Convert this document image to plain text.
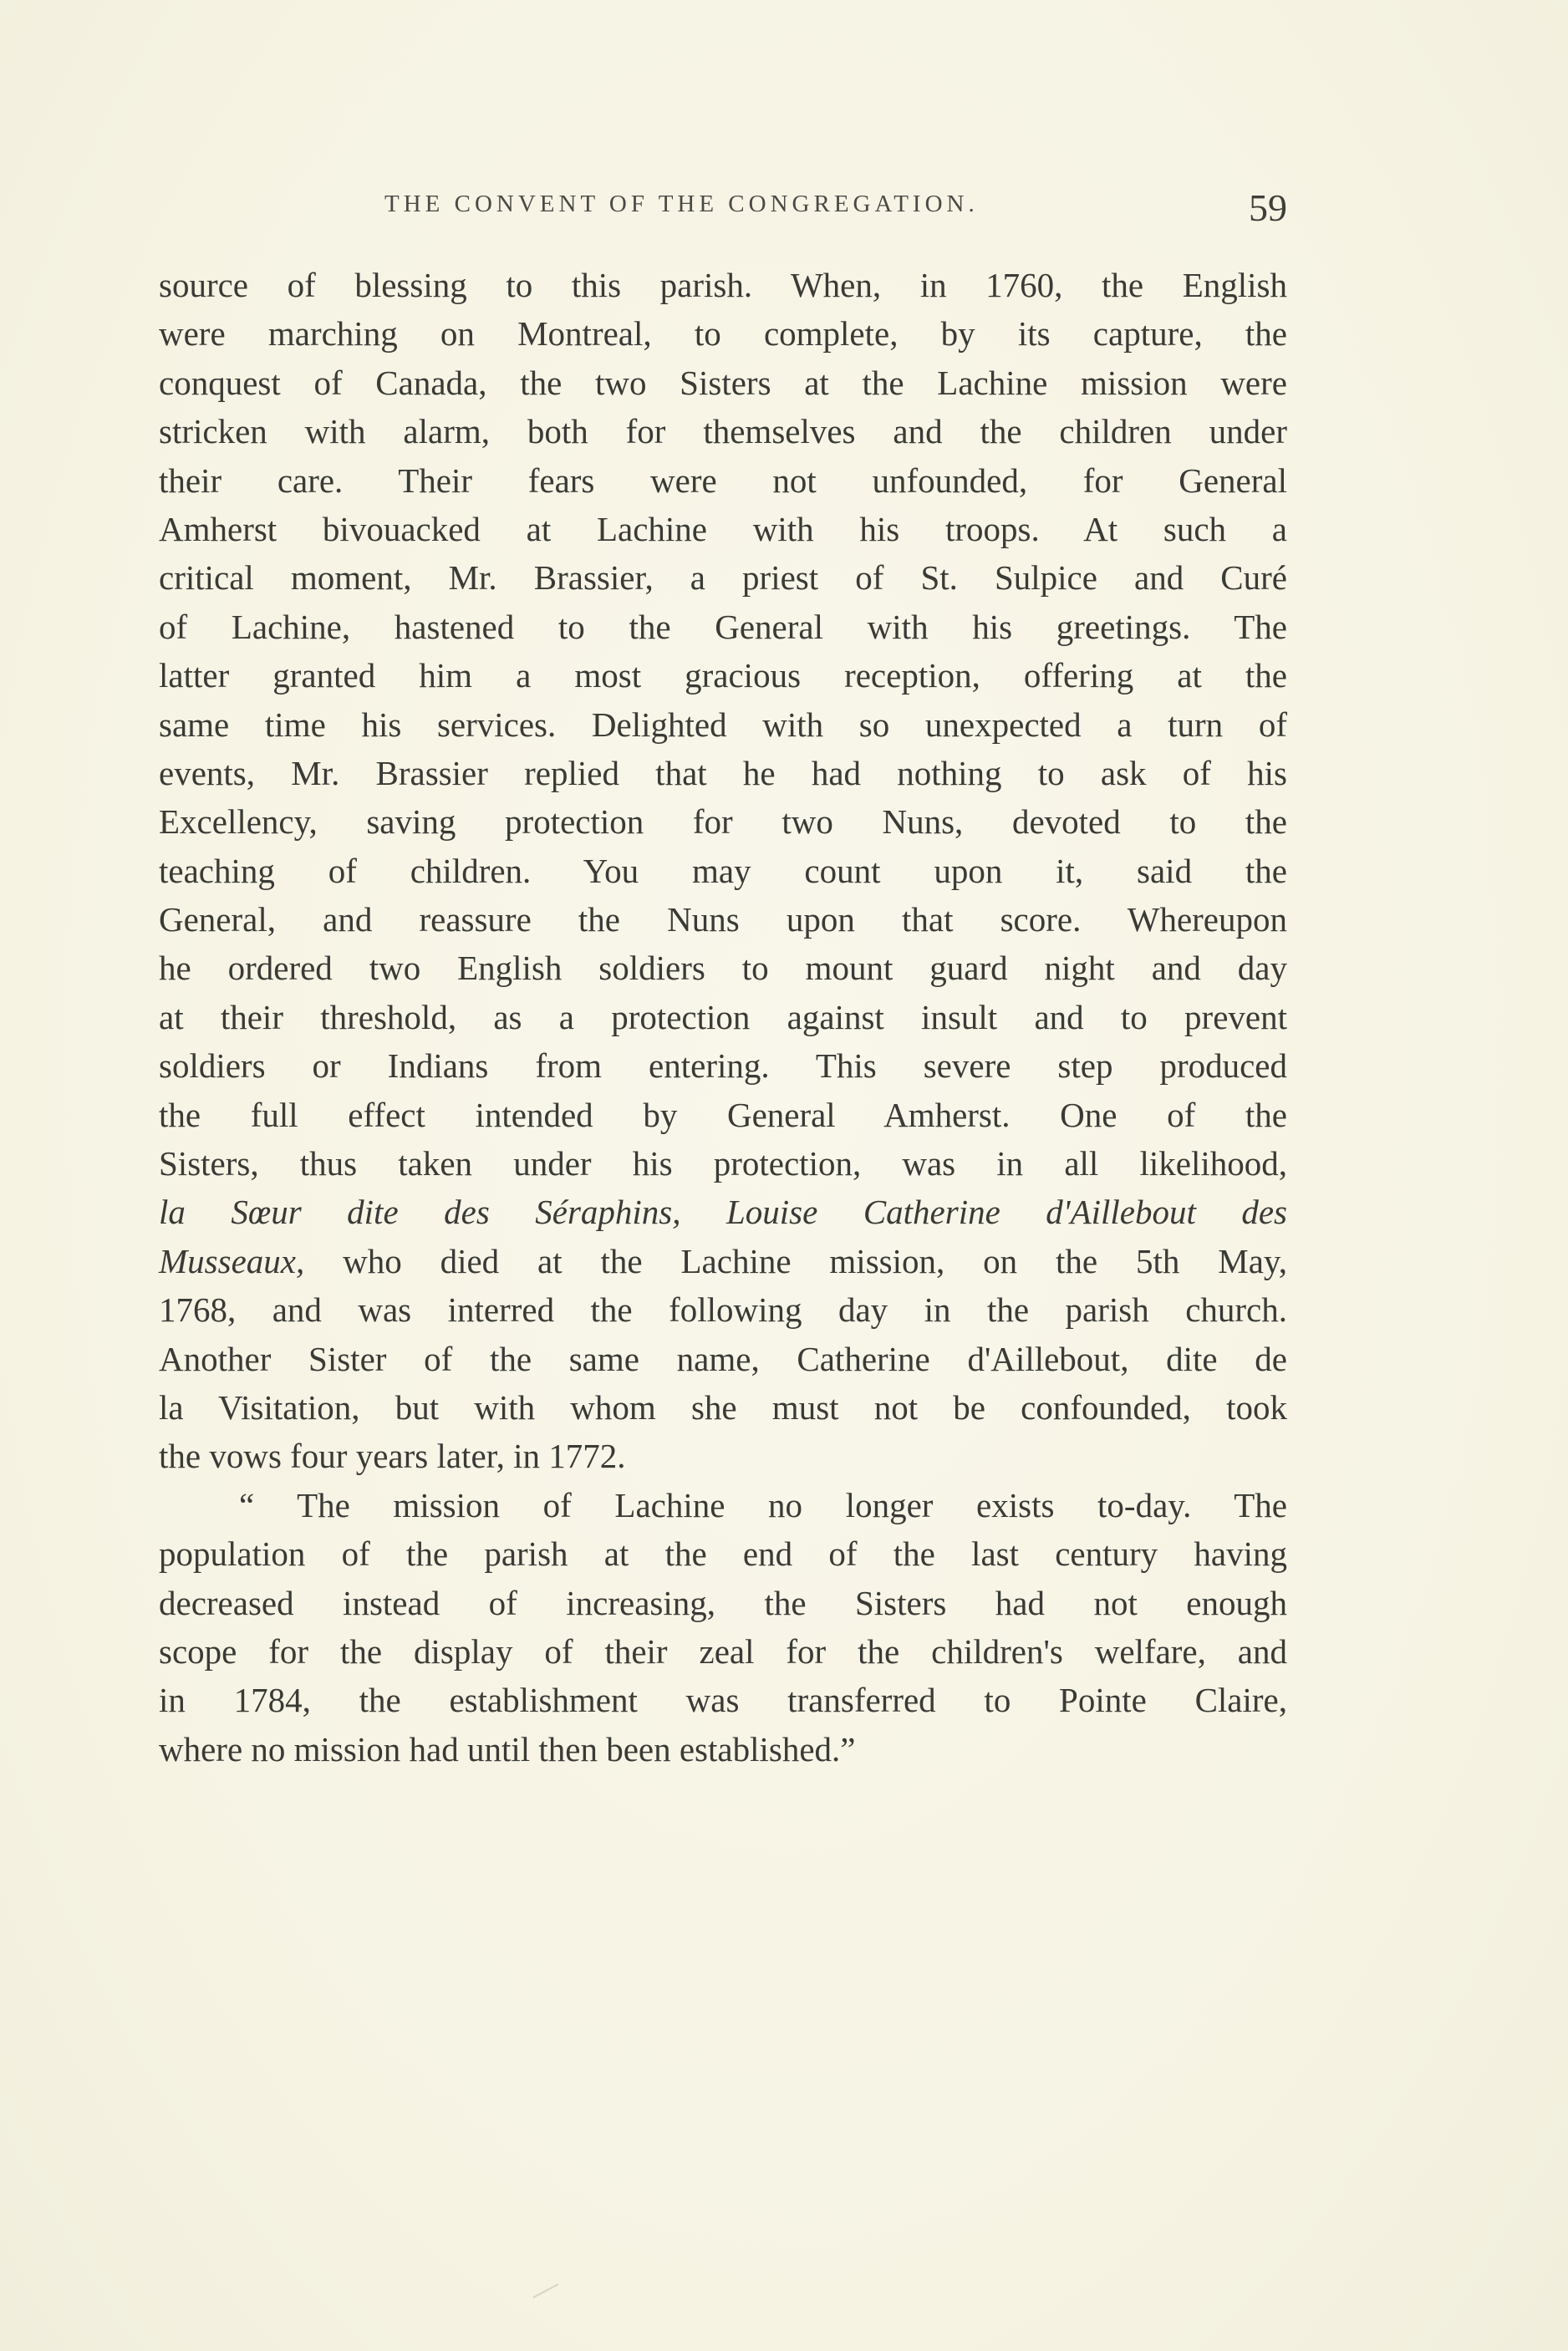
THE CONVENT OF THE CONGREGATION.	59
source of blessing to this parish. When, in 1760, the English
were marching on Montreal, to complete, by its capture, the
conquest of Canada, the two Sisters at the Lachine mission were
stricken with alarm, both for themselves and the children under
their care. Their fears were not unfounded, for General
Amherst bivouacked at Lachine with his troops. At such a
critical moment, Mr. Brassier, a priest of St. Sulpice and Curé
of Lachine, hastened to the General with his greetings. The
latter granted him a most gracious reception, offering at the
same time his services. Delighted with so unexpected a turn of
events, Mr. Brassier replied that he had nothing to ask of his
Excellency, saving protection for two Nuns, devoted to the
teaching of children. You may count upon it, said the
General, and reassure the Nuns upon that score. Whereupon
he ordered two English soldiers to mount guard night and day
at their threshold, as a protection against insult and to prevent
soldiers or Indians from entering. This severe step produced
the full effect intended by General Amherst. One of the
Sisters, thus taken under his protection, was in all likelihood,
la Sœur dite des Séraphins, Louise Catherine d'Aillebout des
Musseaux, who died at the Lachine mission, on the 5th May,
1768, and was interred the following day in the parish church.
Another Sister of the same name, Catherine d'Aillebout, dite de
la Visitation, but with whom she must not be confounded, took
the vows four years later, in 1772.
“ The mission of Lachine no longer exists to-day. The
population of the parish at the end of the last century having
decreased instead of increasing, the Sisters had not enough
scope for the display of their zeal for the children's welfare, and
in 1784, the establishment was transferred to Pointe Claire,
where no mission had until then been established.”
